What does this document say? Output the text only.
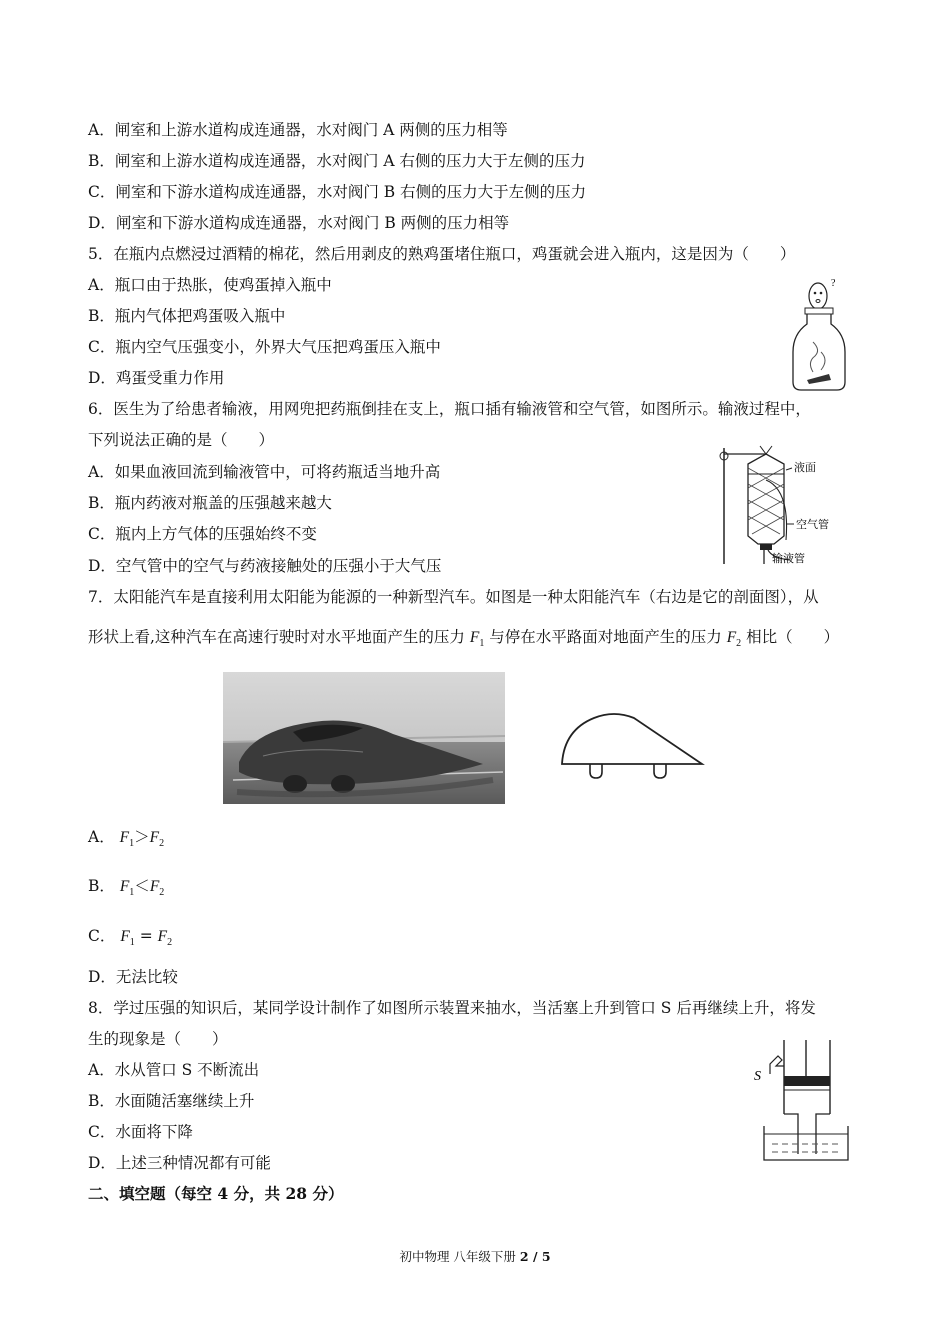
A．闸室和上游水道构成连通器，水对阀门 A 两侧的压力相等
B．闸室和上游水道构成连通器，水对阀门 A 右侧的压力大于左侧的压力
C．闸室和下游水道构成连通器，水对阀门 B 右侧的压力大于左侧的压力
D．闸室和下游水道构成连通器，水对阀门 B 两侧的压力相等
5．在瓶内点燃浸过酒精的棉花，然后用剥皮的熟鸡蛋堵住瓶口，鸡蛋就会进入瓶内，这是因为（　　）
A．瓶口由于热胀，使鸡蛋掉入瓶中
B．瓶内气体把鸡蛋吸入瓶中
C．瓶内空气压强变小，外界大气压把鸡蛋压入瓶中
D．鸡蛋受重力作用
?
6．医生为了给患者输液，用网兜把药瓶倒挂在支上，瓶口插有输液管和空气管，如图所示。输液过程中，
下列说法正确的是（　　）
A．如果血液回流到输液管中，可将药瓶适当地升高
B．瓶内药液对瓶盖的压强越来越大
C．瓶内上方气体的压强始终不变
D．空气管中的空气与药液接触处的压强小于大气压
液面
空气管
输液管
7．太阳能汽车是直接利用太阳能为能源的一种新型汽车。如图是一种太阳能汽车（右边是它的剖面图），从
形状上看,这种汽车在高速行驶时对水平地面产生的压力 $F_1$ 与停在水平路面对地面产生的压力 $F_2$ 相比（　　）
A． $F_1>F_2$
B． $F_1<F_2$
C． $F_1 = F_2$
D．无法比较
8．学过压强的知识后，某同学设计制作了如图所示装置来抽水，当活塞上升到管口 S 后再继续上升，将发
生的现象是（　　）
A．水从管口 S 不断流出
B．水面随活塞继续上升
C．水面将下降
D．上述三种情况都有可能
S
二、填空题（每空 4 分，共 28 分）
初中物理 八年级下册 2 / 5
